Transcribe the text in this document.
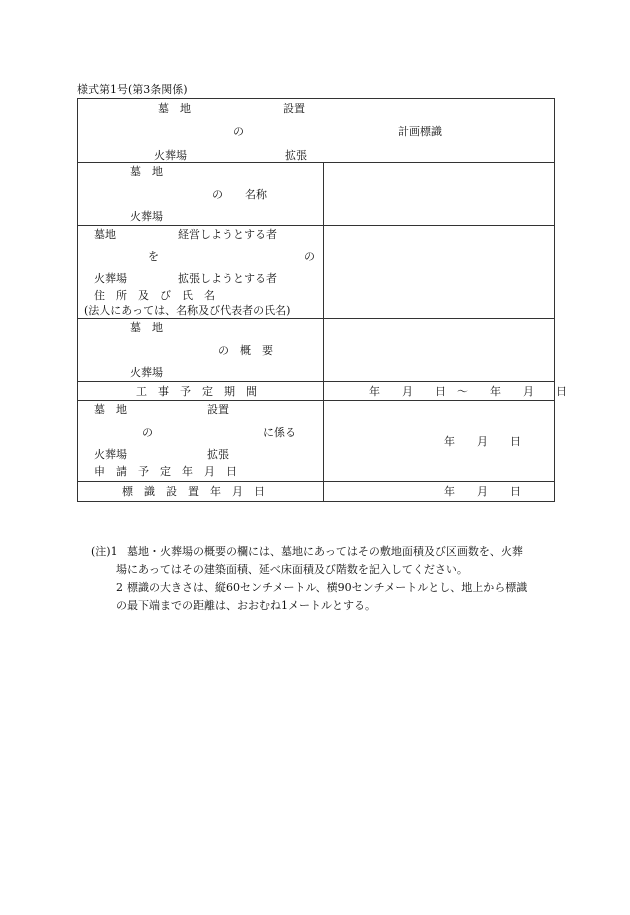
様式第1号(第3条関係)
墓　地	設置
の	計画標識
火葬場	拡張
墓　地
の　　名称
火葬場
墓地	経営しようとする者
を	の
火葬場	拡張しようとする者
住　所　及　び　氏　名
(法人にあっては、名称及び代表者の氏名)
墓　地
の　概　要
火葬場
工　事　予　定　期　間	年　　月　　日　～　　年　　月　　日
墓　地	設置
の	に係る
火葬場	拡張
申　請　予　定　年　月　日
年　　月　　日
標　識　設　置　年　月　日	年　　月　　日
(注)1 墓地・火葬場の概要の欄には、墓地にあってはその敷地面積及び区画数を、火葬
場にあってはその建築面積、延べ床面積及び階数を記入してください。
2 標識の大きさは、縦60センチメートル、横90センチメートルとし、地上から標識
の最下端までの距離は、おおむね1メートルとする。
